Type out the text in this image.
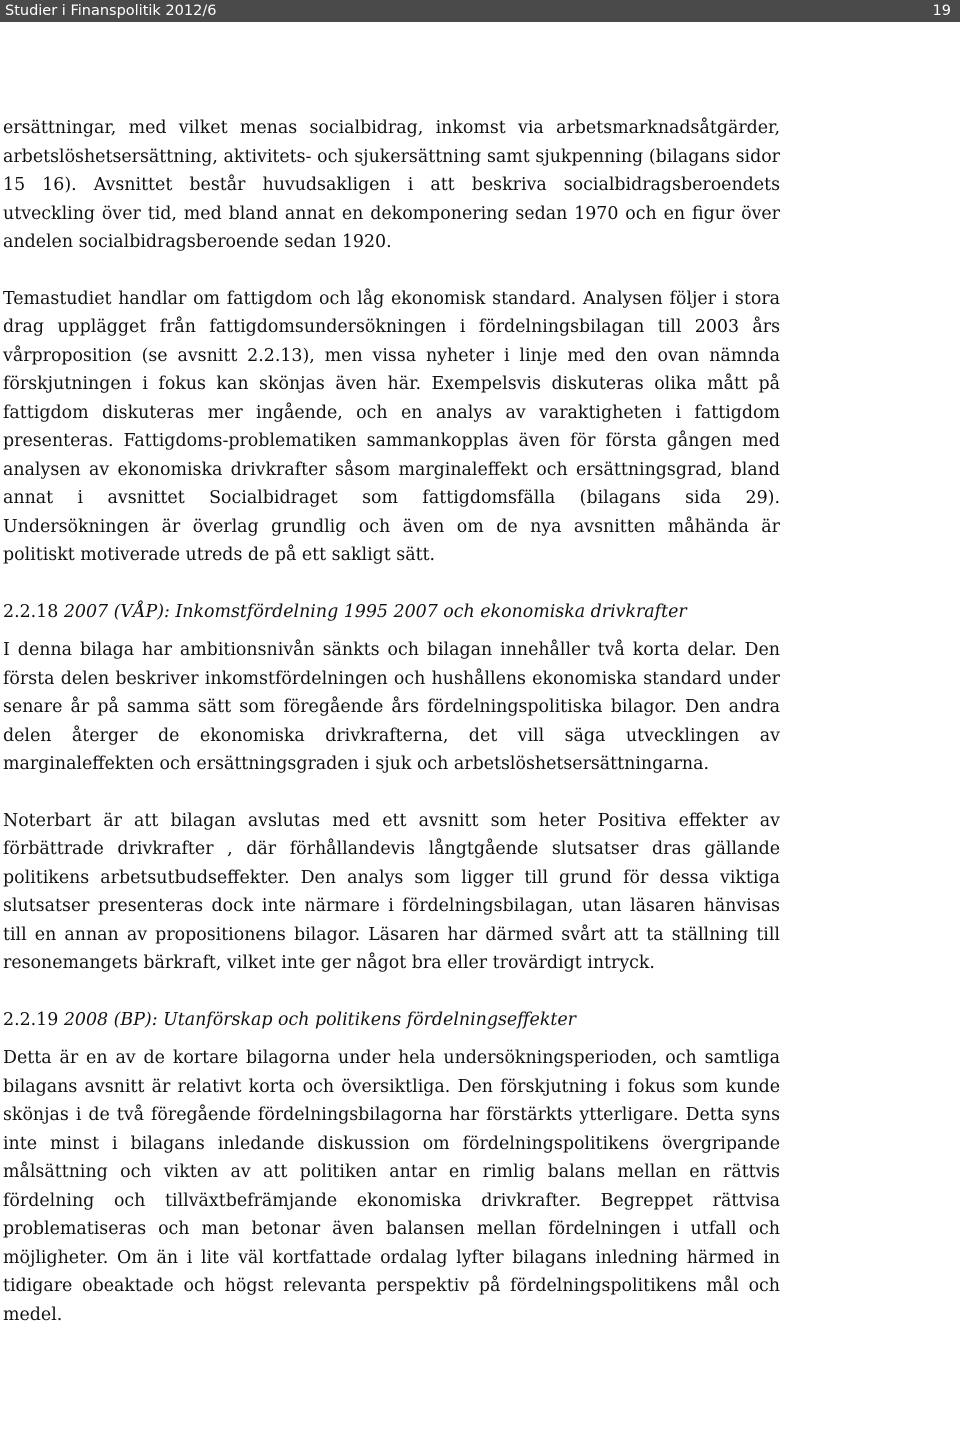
Studier i Finanspolitik 2012/6	19

ersättningar, med vilket menas socialbidrag, inkomst via arbetsmarknadsåtgärder, arbetslöshetsersättning, aktivitets- och sjukersättning samt sjukpenning (bilagans sidor 15 16). Avsnittet består huvudsakligen i att beskriva socialbidragsberoendets utveckling över tid, med bland annat en dekomponering sedan 1970 och en figur över andelen socialbidragsberoende sedan 1920.

Temastudiet handlar om fattigdom och låg ekonomisk standard. Analysen följer i stora drag upplägget från fattigdomsundersökningen i fördelningsbilagan till 2003 års vårproposition (se avsnitt 2.2.13), men vissa nyheter i linje med den ovan nämnda förskjutningen i fokus kan skönjas även här. Exempelsvis diskuteras olika mått på fattigdom diskuteras mer ingående, och en analys av varaktigheten i fattigdom presenteras. Fattigdoms-problematiken sammankopplas även för första gången med analysen av ekonomiska drivkrafter såsom marginaleffekt och ersättningsgrad, bland annat i avsnittet Socialbidraget som fattigdomsfälla (bilagans sida 29). Undersökningen är överlag grundlig och även om de nya avsnitten måhända är politiskt motiverade utreds de på ett sakligt sätt.

2.2.18 2007 (VÅP): Inkomstfördelning 1995 2007 och ekonomiska drivkrafter

I denna bilaga har ambitionsnivån sänkts och bilagan innehåller två korta delar. Den första delen beskriver inkomstfördelningen och hushållens ekonomiska standard under senare år på samma sätt som föregående års fördelningspolitiska bilagor. Den andra delen återger de ekonomiska drivkrafterna, det vill säga utvecklingen av marginaleffekten och ersättningsgraden i sjuk och arbetslöshetsersättningarna.

Noterbart är att bilagan avslutas med ett avsnitt som heter Positiva effekter av förbättrade drivkrafter , där förhållandevis långtgående slutsatser dras gällande politikens arbetsutbudseffekter. Den analys som ligger till grund för dessa viktiga slutsatser presenteras dock inte närmare i fördelningsbilagan, utan läsaren hänvisas till en annan av propositionens bilagor. Läsaren har därmed svårt att ta ställning till resonemangets bärkraft, vilket inte ger något bra eller trovärdigt intryck.

2.2.19 2008 (BP): Utanförskap och politikens fördelningseffekter

Detta är en av de kortare bilagorna under hela undersökningsperioden, och samtliga bilagans avsnitt är relativt korta och översiktliga. Den förskjutning i fokus som kunde skönjas i de två föregående fördelningsbilagorna har förstärkts ytterligare. Detta syns inte minst i bilagans inledande diskussion om fördelningspolitikens övergripande målsättning och vikten av att politiken antar en rimlig balans mellan en rättvis fördelning och tillväxtbefrämjande ekonomiska drivkrafter. Begreppet rättvisa problematiseras och man betonar även balansen mellan fördelningen i utfall och möjligheter. Om än i lite väl kortfattade ordalag lyfter bilagans inledning härmed in tidigare obeaktade och högst relevanta perspektiv på fördelningspolitikens mål och medel.
